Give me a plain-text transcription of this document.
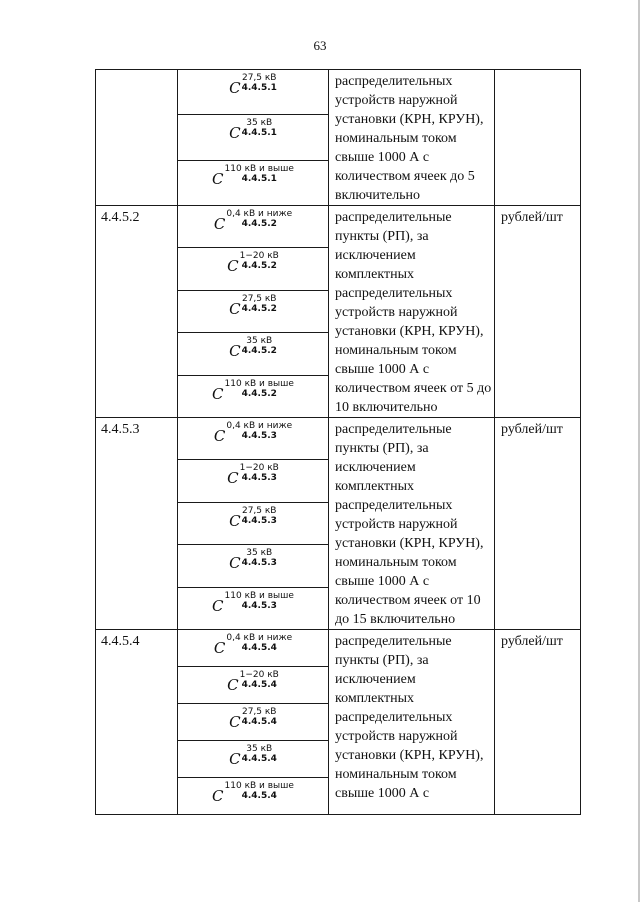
63

	C
27,5 кВ
4.4.5.1	распределительных устройств наружной установки (КРН, КРУН), номинальным током свыше 1000 А с количеством ячеек до 5 включительно	

	C
35 кВ
4.4.5.1		

	C
110 кВ и выше
4.4.5.1		

4.4.5.2	C
0,4 кВ и ниже
4.4.5.2	распределительные пункты (РП), за исключением комплектных распределительных устройств наружной установки (КРН, КРУН), номинальным током свыше 1000 А с количеством ячеек от 5 до 10 включительно	рублей/шт

	C
1−20 кВ
4.4.5.2		

	C
27,5 кВ
4.4.5.2		

	C
35 кВ
4.4.5.2		

	C
110 кВ и выше
4.4.5.2		

4.4.5.3	C
0,4 кВ и ниже
4.4.5.3	распределительные пункты (РП), за исключением комплектных распределительных устройств наружной установки (КРН, КРУН), номинальным током свыше 1000 А с количеством ячеек от 10 до 15 включительно	рублей/шт

	C
1−20 кВ
4.4.5.3		

	C
27,5 кВ
4.4.5.3		

	C
35 кВ
4.4.5.3		

	C
110 кВ и выше
4.4.5.3		

4.4.5.4	C
0,4 кВ и ниже
4.4.5.4	распределительные пункты (РП), за исключением комплектных распределительных устройств наружной установки (КРН, КРУН), номинальным током свыше 1000 А с	рублей/шт

	C
1−20 кВ
4.4.5.4		

	C
27,5 кВ
4.4.5.4		

	C
35 кВ
4.4.5.4		

	C
110 кВ и выше
4.4.5.4		
